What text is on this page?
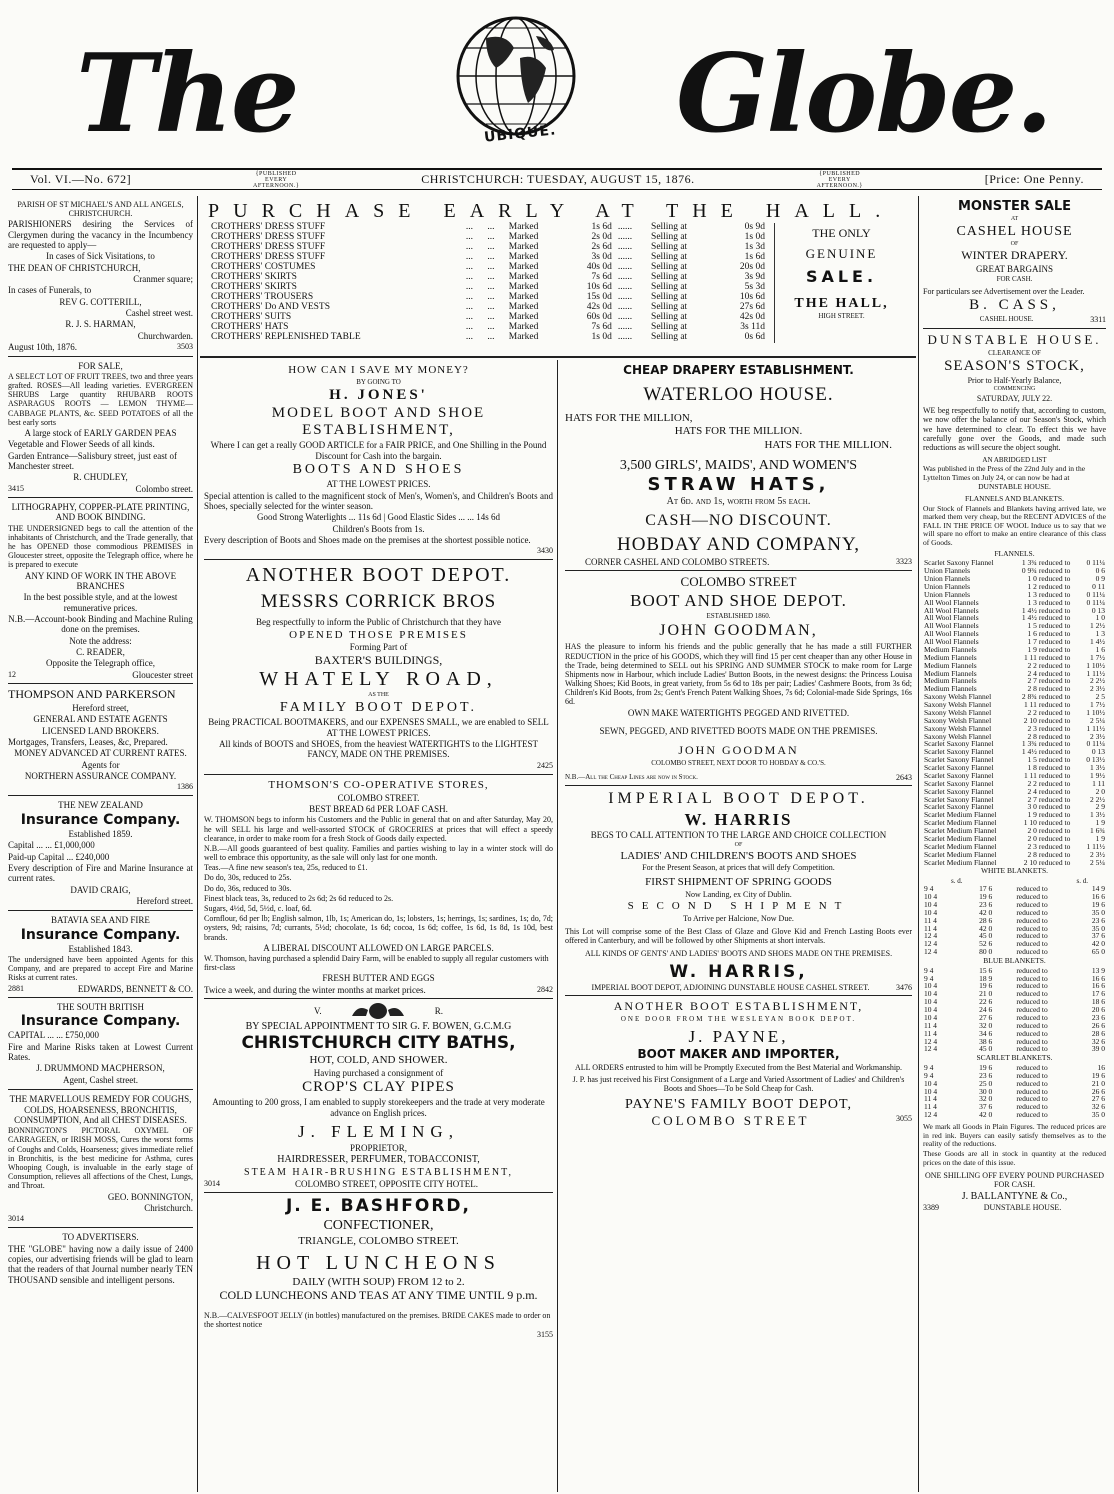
The	UBIQUE. Globe.
Vol. VI.—No. 672]	{PUBLISHED EVERY AFTERNOON.}	CHRISTCHURCH: TUESDAY, AUGUST 15, 1876.	{PUBLISHED EVERY AFTERNOON.}	[Price: One Penny.
PURCHASE EARLY AT THE HALL.
CROTHERS' DRESS STUFF	...	...	Marked	1s 6d	......	Selling at	0s 9d
CROTHERS' DRESS STUFF	...	...	Marked	2s 0d	......	Selling at	1s 0d
CROTHERS' DRESS STUFF	...	...	Marked	2s 6d	......	Selling at	1s 3d
CROTHERS' DRESS STUFF	...	...	Marked	3s 0d	......	Selling at	1s 6d
CROTHERS' COSTUMES	...	...	Marked	40s 0d	......	Selling at	20s 0d
CROTHERS' SKIRTS	...	...	Marked	7s 6d	......	Selling at	3s 9d
CROTHERS' SKIRTS	...	...	Marked	10s 6d	......	Selling at	5s 3d
CROTHERS' TROUSERS	...	...	Marked	15s 0d	......	Selling at	10s 6d
CROTHERS' Do AND VESTS	...	...	Marked	42s 0d	......	Selling at	27s 6d
CROTHERS' SUITS	...	...	Marked	60s 0d	......	Selling at	42s 0d
CROTHERS' HATS	...	...	Marked	7s 6d	......	Selling at	3s 11d
CROTHERS' REPLENISHED TABLE	...	...	Marked	1s 0d	......	Selling at	0s 6d
THE ONLY
GENUINE
SALE.
THE HALL,
HIGH STREET.

PARISH OF ST MICHAEL'S AND ALL ANGELS, CHRISTCHURCH.

PARISHIONERS desiring the Services of Clergymen during the vacancy in the Incumbency are requested to apply—

In cases of Sick Visitations, to

THE DEAN OF CHRISTCHURCH,

Cranmer square;

In cases of Funerals, to

REV G. COTTERILL,

Cashel street west.

R. J. S. HARMAN,

Churchwarden.

August 10th, 1876.	3503

FOR SALE,

A SELECT LOT OF FRUIT TREES, two and three years grafted. ROSES—All leading varieties. EVERGREEN SHRUBS Large quantity RHUBARB ROOTS ASPARAGUS ROOTS — LEMON THYME—CABBAGE PLANTS, &c. SEED POTATOES of all the best early sorts

A large stock of EARLY GARDEN PEAS

Vegetable and Flower Seeds of all kinds.

Garden Entrance—Salisbury street, just east of Manchester street.

R. CHUDLEY,

3415	Colombo street.

LITHOGRAPHY, COPPER-PLATE PRINTING, AND BOOK BINDING.

THE UNDERSIGNED begs to call the attention of the inhabitants of Christchurch, and the Trade generally, that he has OPENED those commodious PREMISES in Gloucester street, opposite the Telegraph office, where he is prepared to execute

ANY KIND OF WORK IN THE ABOVE BRANCHES

In the best possible style, and at the lowest remunerative prices.

N.B.—Account-book Binding and Machine Ruling done on the premises.

Note the address:

C. READER,

Opposite the Telegraph office,

12	Gloucester street

THOMPSON AND PARKERSON

Hereford street,

GENERAL AND ESTATE AGENTS

LICENSED LAND BROKERS.

Mortgages, Transfers, Leases, &c, Prepared.

MONEY ADVANCED AT CURRENT RATES.

Agents for

NORTHERN ASSURANCE COMPANY.

1386

THE NEW ZEALAND

Insurance Company.

Established 1859.

Capital ... ... £1,000,000

Paid-up Capital ... £240,000

Every description of Fire and Marine Insurance at current rates.

DAVID CRAIG,

Hereford street.

BATAVIA SEA AND FIRE

Insurance Company.

Established 1843.

The undersigned have been appointed Agents for this Company, and are prepared to accept Fire and Marine Risks at current rates.

2881	EDWARDS, BENNETT & CO.

THE SOUTH BRITISH

Insurance Company.

CAPITAL ... ... £750,000

Fire and Marine Risks taken at Lowest Current Rates.

J. DRUMMOND MACPHERSON,

Agent, Cashel street.

THE MARVELLOUS REMEDY FOR COUGHS, COLDS, HOARSENESS, BRONCHITIS, CONSUMPTION, And all CHEST DISEASES.

BONNINGTON'S PICTORAL OXYMEL OF CARRAGEEN, or IRISH MOSS, Cures the worst forms of Coughs and Colds, Hoarseness; gives immediate relief in Bronchitis, is the best medicine for Asthma, cures Whooping Cough, is invaluable in the early stage of Consumption, relieves all affections of the Chest, Lungs, and Throat.

GEO. BONNINGTON,

Christchurch.

3014

TO ADVERTISERS.

THE "GLOBE" having now a daily issue of 2400 copies, our advertising friends will be glad to learn that the readers of that Journal number nearly TEN THOUSAND sensible and intelligent persons.

HOW CAN I SAVE MY MONEY?

BY GOING TO

H. JONES'

MODEL BOOT AND SHOE ESTABLISHMENT,

Where I can get a really GOOD ARTICLE for a FAIR PRICE, and One Shilling in the Pound Discount for Cash into the bargain.

BOOTS AND SHOES

AT THE LOWEST PRICES.

Special attention is called to the magnificent stock of Men's, Women's, and Children's Boots and Shoes, specially selected for the winter season.

Good Strong Waterlights ... 11s 6d | Good Elastic Sides ... ... 14s 6d

Children's Boots from 1s.

Every description of Boots and Shoes made on the premises at the shortest possible notice.

3430

ANOTHER BOOT DEPOT.

MESSRS CORRICK BROS

Beg respectfully to inform the Public of Christchurch that they have

OPENED THOSE PREMISES

Forming Part of

BAXTER'S BUILDINGS,

WHATELY ROAD,

AS THE

FAMILY BOOT DEPOT.

Being PRACTICAL BOOTMAKERS, and our EXPENSES SMALL, we are enabled to SELL AT THE LOWEST PRICES.

All kinds of BOOTS and SHOES, from the heaviest WATERTIGHTS to the LIGHTEST FANCY, MADE ON THE PREMISES.

2425

THOMSON'S CO-OPERATIVE STORES,

COLOMBO STREET.

BEST BREAD 6d PER LOAF CASH.

W. THOMSON begs to inform his Customers and the Public in general that on and after Saturday, May 20, he will SELL his large and well-assorted STOCK of GROCERIES at prices that will effect a speedy clearance, in order to make room for a fresh Stock of Goods daily expected.

N.B.—All goods guaranteed of best quality. Families and parties wishing to lay in a winter stock will do well to embrace this opportunity, as the sale will only last for one month.

Teas.—A fine new season's tea, 25s, reduced to £1.

Do do, 30s, reduced to 25s.

Do do, 36s, reduced to 30s.

Finest black teas, 3s, reduced to 2s 6d; 2s 6d reduced to 2s.

Sugars, 4½d, 5d, 5½d, c. loaf, 6d.

Cornflour, 6d per lb; English salmon, 1lb, 1s; American do, 1s; lobsters, 1s; herrings, 1s; sardines, 1s; do, 7d; oysters, 9d; raisins, 7d; currants, 5½d; chocolate, 1s 6d; cocoa, 1s 6d; coffee, 1s 6d, 1s 8d, 1s 10d, best brands.

A LIBERAL DISCOUNT ALLOWED ON LARGE PARCELS.

W. Thomson, having purchased a splendid Dairy Farm, will be enabled to supply all regular customers with first-class

FRESH BUTTER AND EGGS

Twice a week, and during the winter months at market prices.	2842
V.	R.

BY SPECIAL APPOINTMENT TO SIR G. F. BOWEN, G.C.M.G

CHRISTCHURCH CITY BATHS,

HOT, COLD, AND SHOWER.

Having purchased a consignment of

CROP'S CLAY PIPES

Amounting to 200 gross, I am enabled to supply storekeepers and the trade at very moderate advance on English prices.

J. FLEMING,

PROPRIETOR,

HAIRDRESSER, PERFUMER, TOBACCONIST,

STEAM HAIR-BRUSHING ESTABLISHMENT,

3014	COLOMBO STREET, OPPOSITE CITY HOTEL.

J. E. BASHFORD,

CONFECTIONER,

TRIANGLE, COLOMBO STREET.

HOT LUNCHEONS

DAILY (WITH SOUP) FROM 12 to 2.

COLD LUNCHEONS AND TEAS AT ANY TIME UNTIL 9 p.m.

N.B.—CALVESFOOT JELLY (in bottles) manufactured on the premises. BRIDE CAKES made to order on the shortest notice

3155

CHEAP DRAPERY ESTABLISHMENT.

WATERLOO HOUSE.

HATS FOR THE MILLION,

HATS FOR THE MILLION.

HATS FOR THE MILLION.

3,500 GIRLS', MAIDS', AND WOMEN'S

STRAW HATS,

At 6d. and 1s, worth from 5s each.

CASH—NO DISCOUNT.

HOBDAY AND COMPANY,

CORNER CASHEL AND COLOMBO STREETS.	3323

COLOMBO STREET

BOOT AND SHOE DEPOT.

ESTABLISHED 1860.

JOHN GOODMAN,

HAS the pleasure to inform his friends and the public generally that he has made a still FURTHER REDUCTION in the price of his GOODS, which they will find 15 per cent cheaper than any other House in the Trade, being determined to SELL out his SPRING AND SUMMER STOCK to make room for Large Shipments now in Harbour, which include Ladies' Button Boots, in the newest designs: the Princess Louisa Walking Shoes; Kid Boots, in great variety, from 5s 6d to 18s per pair; Ladies' Cashmere Boots, from 3s 6d; Children's Kid Boots, from 2s; Gent's French Patent Walking Shoes, 7s 6d; Colonial-made Side Springs, 16s 6d.

OWN MAKE WATERTIGHTS PEGGED AND RIVETTED.

SEWN, PEGGED, AND RIVETTED BOOTS MADE ON THE PREMISES.

JOHN GOODMAN

COLOMBO STREET, NEXT DOOR TO HOBDAY & CO.'S.

N.B.—All the Cheap Lines are now in Stock.	2643

IMPERIAL BOOT DEPOT.

W. HARRIS

BEGS TO CALL ATTENTION TO THE LARGE AND CHOICE COLLECTION

OF

LADIES' AND CHILDREN'S BOOTS AND SHOES

For the Present Season, at prices that will defy Competition.

FIRST SHIPMENT OF SPRING GOODS

Now Landing, ex City of Dublin.

SECOND SHIPMENT

To Arrive per Halcione, Now Due.

This Lot will comprise some of the Best Class of Glaze and Glove Kid and French Lasting Boots ever offered in Canterbury, and will be followed by other Shipments at short intervals.

ALL KINDS OF GENTS' AND LADIES' BOOTS AND SHOES MADE ON THE PREMISES.

W. HARRIS,

IMPERIAL BOOT DEPOT, ADJOINING DUNSTABLE HOUSE CASHEL STREET.	3476

ANOTHER BOOT ESTABLISHMENT,

ONE DOOR FROM THE WESLEYAN BOOK DEPOT.

J. PAYNE,

BOOT MAKER AND IMPORTER,

ALL ORDERS entrusted to him will be Promptly Executed from the Best Material and Workmanship.

J. P. has just received his First Consignment of a Large and Varied Assortment of Ladies' and Children's Boots and Shoes—To be Sold Cheap for Cash.

PAYNE'S FAMILY BOOT DEPOT,

COLOMBO STREET	3055

MONSTER SALE

AT

CASHEL HOUSE

OF

WINTER DRAPERY.

GREAT BARGAINS

FOR CASH.

For particulars see Advertisement over the Leader.

B. CASS,

CASHEL HOUSE.	3311

DUNSTABLE HOUSE.

CLEARANCE OF

SEASON'S STOCK,

Prior to Half-Yearly Balance,

COMMENCING

SATURDAY, JULY 22.

WE beg respectfully to notify that, according to custom, we now offer the balance of our Season's Stock, which we have determined to clear. To effect this we have carefully gone over the Goods, and made such reductions as will secure the object sought.

AN ABRIDGED LIST

Was published in the Press of the 22nd July and in the Lyttelton Times on July 24, or can now be had at

DUNSTABLE HOUSE.

FLANNELS AND BLANKETS.

Our Stock of Flannels and Blankets having arrived late, we marked them very cheap, but the RECENT ADVICES of the FALL IN THE PRICE OF WOOL Induce us to say that we will spare no effort to make an entire clearance of this class of Goods.

FLANNELS.

Scarlet Saxony Flannel	1 3¾	reduced to	0 11¼
Union Flannels	0 9¾	reduced to	0 6
Union Flannels	1 0	reduced to	0 9
Union Flannels	1 2	reduced to	0 11
Union Flannels	1 3	reduced to	0 11¼
All Wool Flannels	1 3	reduced to	0 11¼
All Wool Flannels	1 4½	reduced to	0 13
All Wool Flannels	1 4½	reduced to	1 0
All Wool Flannels	1 5	reduced to	1 2½
All Wool Flannels	1 6	reduced to	1 3
All Wool Flannels	1 7	reduced to	1 4½
Medium Flannels	1 9	reduced to	1 6
Medium Flannels	1 11	reduced to	1 7½
Medium Flannels	2 2	reduced to	1 10½
Medium Flannels	2 4	reduced to	1 11½
Medium Flannels	2 7	reduced to	2 2½
Medium Flannels	2 8	reduced to	2 3½
Saxony Welsh Flannel	2 8¾	reduced to	2 5
Saxony Welsh Flannel	1 11	reduced to	1 7½
Saxony Welsh Flannel	2 2	reduced to	1 10½
Saxony Welsh Flannel	2 10	reduced to	2 5¼
Saxony Welsh Flannel	2 3	reduced to	1 11½
Saxony Welsh Flannel	2 8	reduced to	2 3½
Scarlet Saxony Flannel	1 3¾	reduced to	0 11¼
Scarlet Saxony Flannel	1 4½	reduced to	0 13
Scarlet Saxony Flannel	1 5	reduced to	0 13½
Scarlet Saxony Flannel	1 8	reduced to	1 3½
Scarlet Saxony Flannel	1 11	reduced to	1 9½
Scarlet Saxony Flannel	2 2	reduced to	1 11
Scarlet Saxony Flannel	2 4	reduced to	2 0
Scarlet Saxony Flannel	2 7	reduced to	2 2½
Scarlet Saxony Flannel	3 0	reduced to	2 9
Scarlet Medium Flannel	1 9	reduced to	1 3½
Scarlet Medium Flannel	1 10	reduced to	1 9
Scarlet Medium Flannel	2 0	reduced to	1 6¾
Scarlet Medium Flannel	2 0	reduced to	1 9
Scarlet Medium Flannel	2 3	reduced to	1 11½
Scarlet Medium Flannel	2 8	reduced to	2 3½
Scarlet Medium Flannel	2 10	reduced to	2 5¼

WHITE BLANKETS.

s. d.	s. d.
9 4	17 6	reduced to	14 9
10 4	19 6	reduced to	16 6
10 4	23 6	reduced to	19 6
10 4	42 0	reduced to	35 0
11 4	28 6	reduced to	23 6
11 4	42 0	reduced to	35 0
12 4	45 0	reduced to	37 6
12 4	52 6	reduced to	42 0
12 4	80 0	reduced to	65 0

BLUE BLANKETS.

9 4	15 6	reduced to	13 9
9 4	18 9	reduced to	16 6
10 4	19 6	reduced to	16 6
10 4	21 0	reduced to	17 6
10 4	22 6	reduced to	18 6
10 4	24 6	reduced to	20 6
10 4	27 6	reduced to	23 6
11 4	32 0	reduced to	26 6
11 4	34 6	reduced to	28 6
12 4	38 6	reduced to	32 6
12 4	45 0	reduced to	39 0

SCARLET BLANKETS.

9 4	19 6	reduced to	16
9 4	23 6	reduced to	19 6
10 4	25 0	reduced to	21 0
10 4	30 0	reduced to	26 6
11 4	32 0	reduced to	27 6
11 4	37 6	reduced to	32 6
12 4	42 0	reduced to	35 0

We mark all Goods in Plain Figures. The reduced prices are in red ink. Buyers can easily satisfy themselves as to the reality of the reductions.

These Goods are all in stock in quantity at the reduced prices on the date of this issue.

ONE SHILLING OFF EVERY POUND PURCHASED FOR CASH.

J. BALLANTYNE & Co.,

3389	DUNSTABLE HOUSE.
